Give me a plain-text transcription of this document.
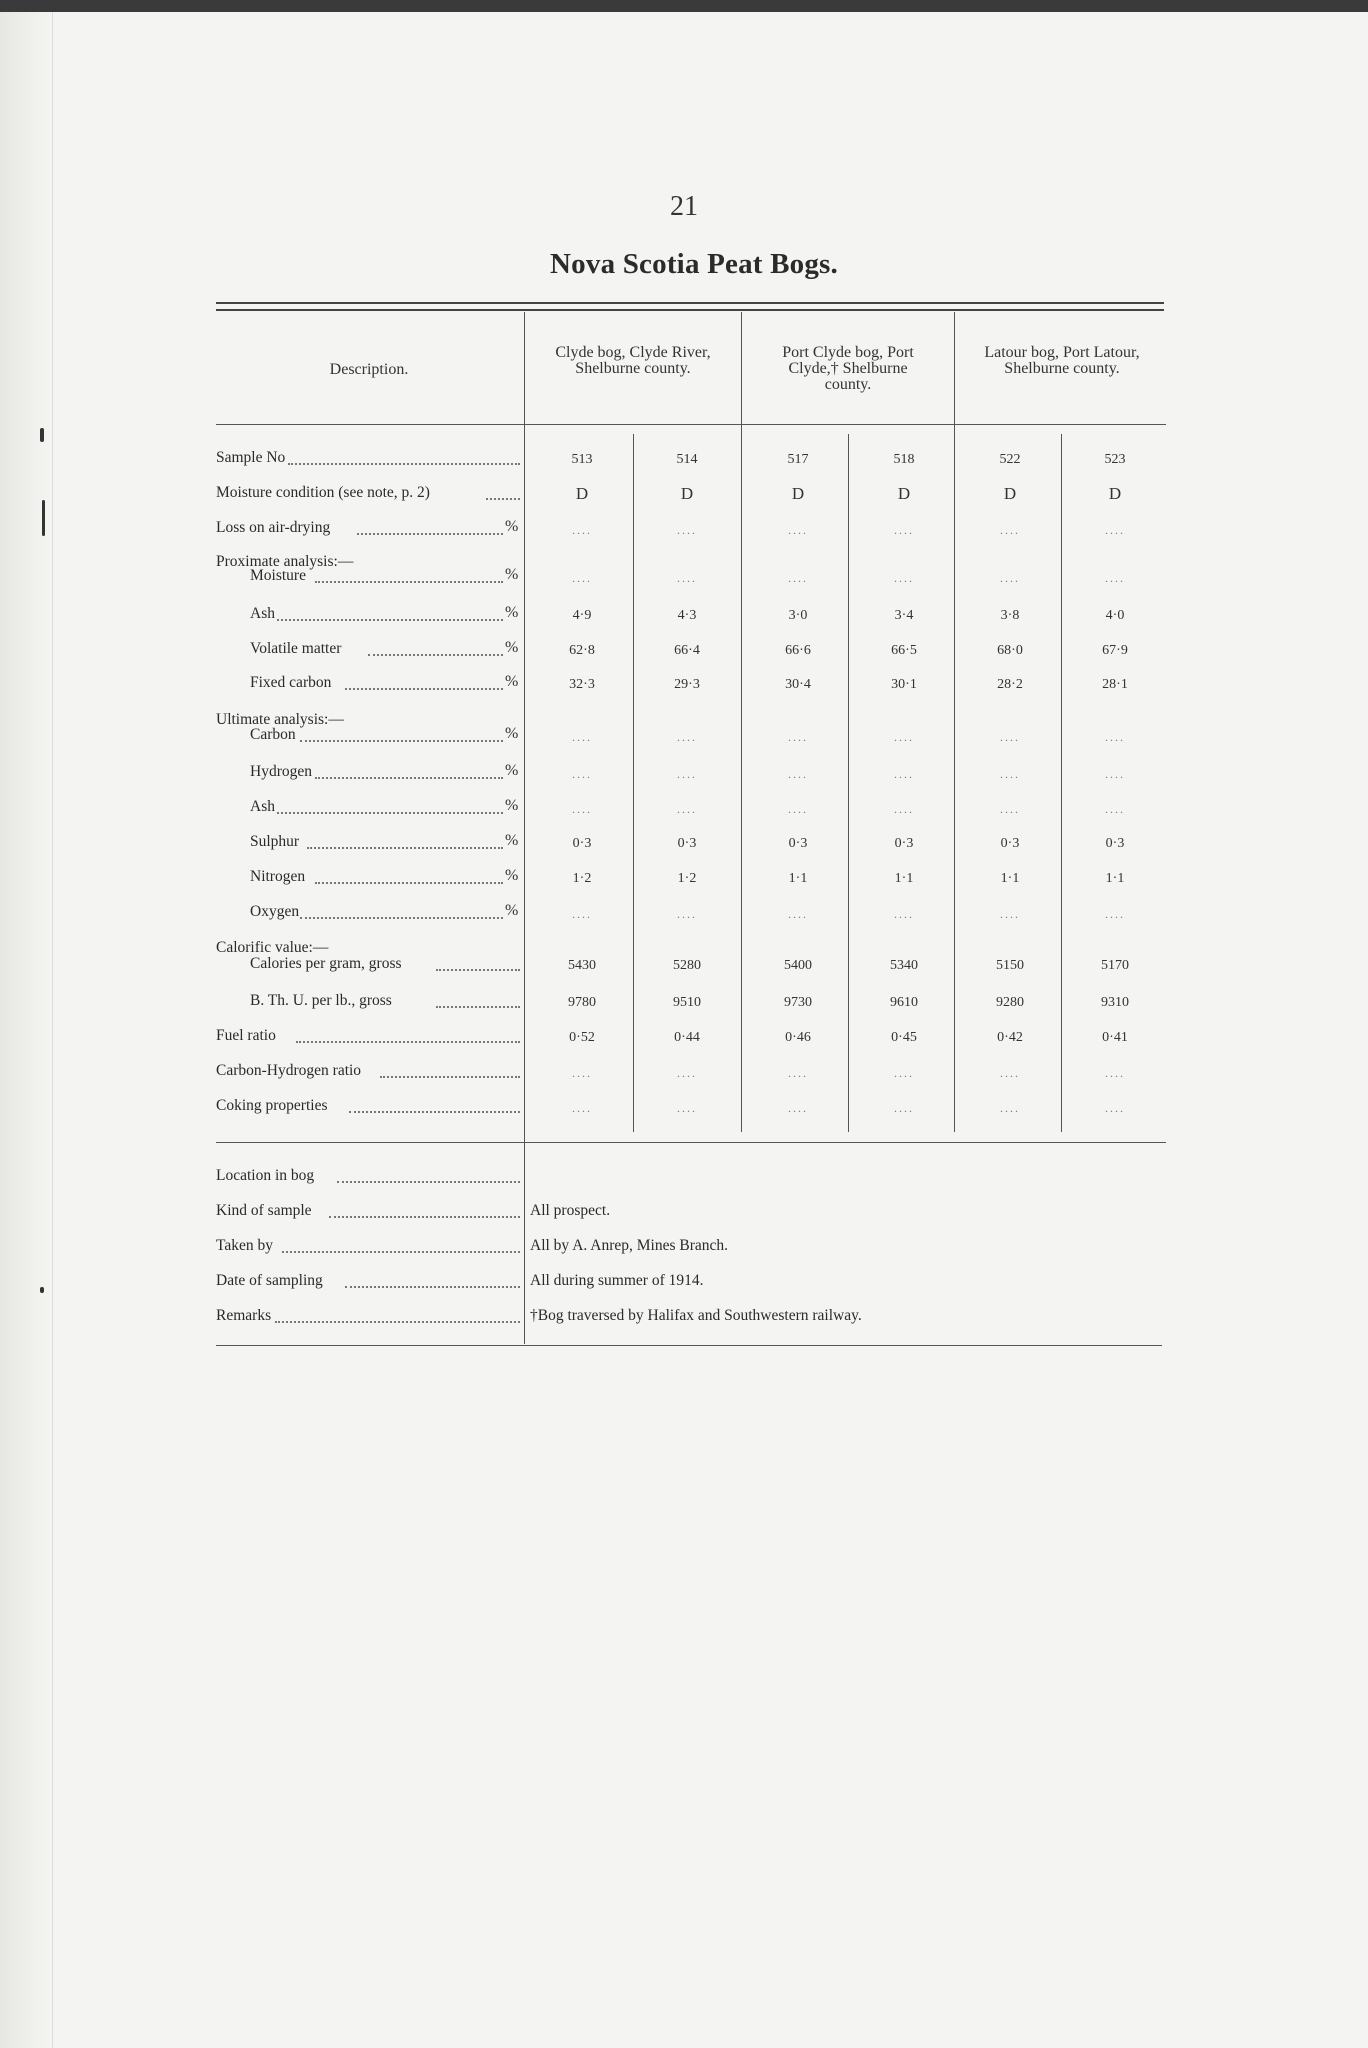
21
Nova Scotia Peat Bogs.
Description.
Clyde bog, Clyde River,
Shelburne county.
Port Clyde bog, Port
Clyde,† Shelburne
county.
Latour bog, Port Latour,
Shelburne county.
Sample No	513	514	517	518	522	523
Moisture condition (see note, p. 2)	D	D	D	D	D	D
Loss on air-drying	%	....	....	....	....	....	....
Proximate analysis:—
Moisture	%	....	....	....	....	....	....
Ash	%	4·9	4·3	3·0	3·4	3·8	4·0
Volatile matter	%	62·8	66·4	66·6	66·5	68·0	67·9
Fixed carbon	%	32·3	29·3	30·4	30·1	28·2	28·1
Ultimate analysis:—
Carbon	%	....	....	....	....	....	....
Hydrogen	%	....	....	....	....	....	....
Ash	%	....	....	....	....	....	....
Sulphur	%	0·3	0·3	0·3	0·3	0·3	0·3
Nitrogen	%	1·2	1·2	1·1	1·1	1·1	1·1
Oxygen	%	....	....	....	....	....	....
Calorific value:—
Calories per gram, gross	5430	5280	5400	5340	5150	5170
B. Th. U. per lb., gross	9780	9510	9730	9610	9280	9310
Fuel ratio	0·52	0·44	0·46	0·45	0·42	0·41
Carbon-Hydrogen ratio	....	....	....	....	....	....
Coking properties	....	....	....	....	....	....
Location in bog
Kind of sample	All prospect.
Taken by	All by A. Anrep, Mines Branch.
Date of sampling	All during summer of 1914.
Remarks	†Bog traversed by Halifax and Southwestern railway.
